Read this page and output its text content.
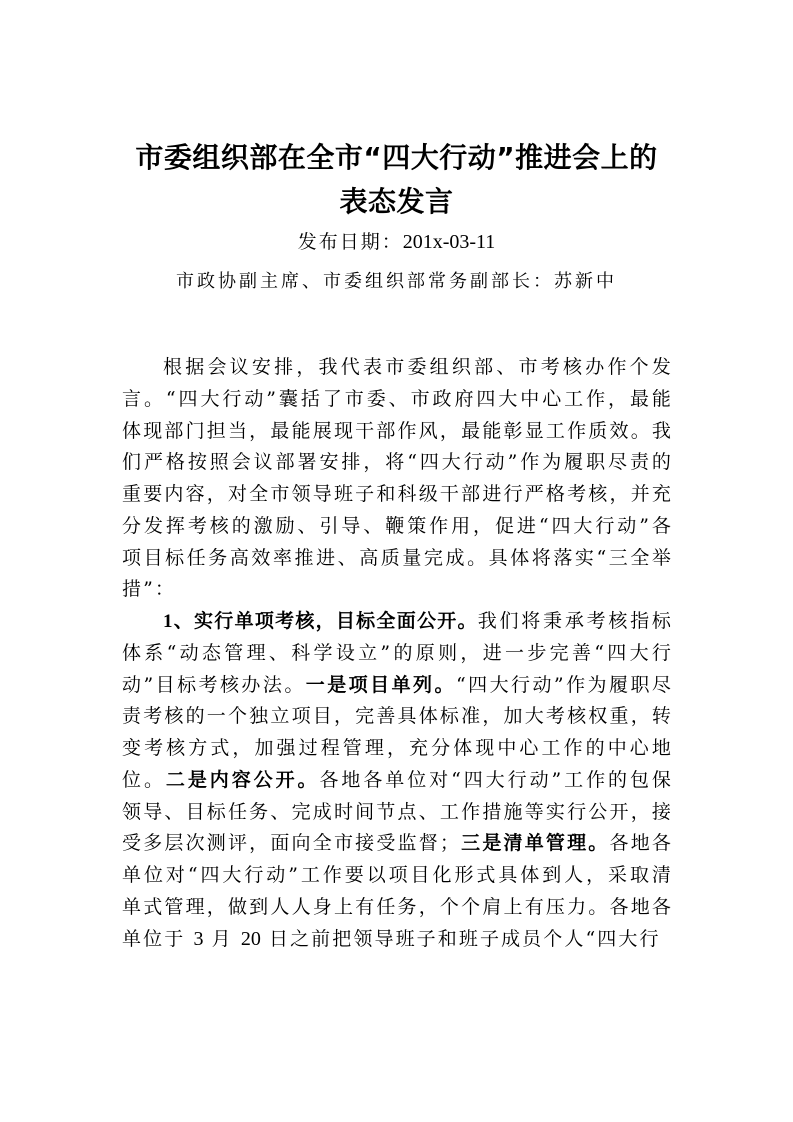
市委组织部在全市“四大行动”推进会上的
表态发言
发布日期：201x-03-11
市政协副主席、市委组织部常务副部长：苏新中

根据会议安排，我代表市委组织部、市考核办作个发言。“四大行动”囊括了市委、市政府四大中心工作，最能体现部门担当，最能展现干部作风，最能彰显工作质效。我们严格按照会议部署安排，将“四大行动”作为履职尽责的重要内容，对全市领导班子和科级干部进行严格考核，并充分发挥考核的激励、引导、鞭策作用，促进“四大行动”各项目标任务高效率推进、高质量完成。具体将落实“三全举措”：

1、实行单项考核，目标全面公开。我们将秉承考核指标体系“动态管理、科学设立”的原则，进一步完善“四大行动”目标考核办法。一是项目单列。“四大行动”作为履职尽责考核的一个独立项目，完善具体标准，加大考核权重，转变考核方式，加强过程管理，充分体现中心工作的中心地位。二是内容公开。各地各单位对“四大行动”工作的包保领导、目标任务、完成时间节点、工作措施等实行公开，接受多层次测评，面向全市接受监督；三是清单管理。各地各单位对“四大行动”工作要以项目化形式具体到人，采取清单式管理，做到人人身上有任务，个个肩上有压力。各地各单位于 3 月 20 日之前把领导班子和班子成员个人“四大行
